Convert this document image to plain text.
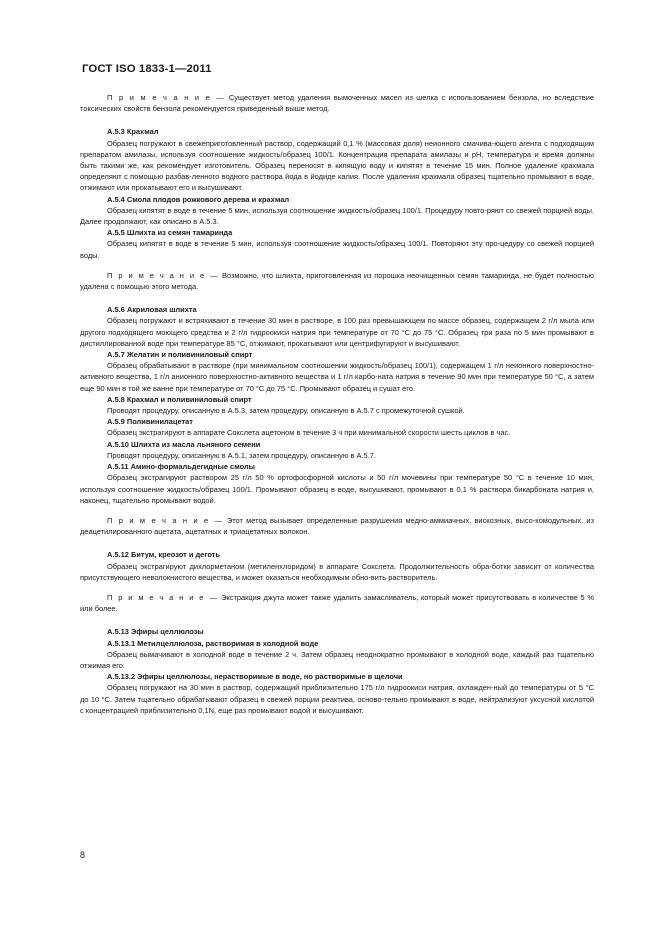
ГОСТ ISO 1833-1—2011

П р и м е ч а н и е — Существует метод удаления вымоченных масел из шелка с использованием бензола, но вследствие токсических свойств бензола рекомендуется приведенный выше метод.

А.5.3 Крахмал

Образец погружают в свежеприготовленный раствор, содержащий 0,1 % (массовая доля) неионного смачива-ющего агента с подходящим препаратом амилазы, используя соотношение жидкость/образец 100/1. Концентрация препарата амилазы и рН, температура и время должны быть такими же, как рекомендует изготовитель. Образец переносят в кипящую воду и кипятят в течение 15 мин. Полное удаление крахмала определяют с помощью разбав-ленного водного раствора йода в йодиде калия. После удаления крахмала образец тщательно промывают в воде, отжимают или прокатывают его и высушивают.

А.5.4 Смола плодов рожкового дерева и крахмал

Образец кипятят в воде в течение 5 мин, используя соотношение жидкость/образец 100/1. Процедуру повто-ряют со свежей порцией воды. Далее продолжают, как описано в А.5.3.

А.5.5 Шлихта из семян тамаринда

Образец кипятят в воде в течение 5 мин, используя соотношение жидкость/образец 100/1. Повторяют эту про-цедуру со свежей порцией воды.

П р и м е ч а н и е — Возможно, что шлихта, приготовленная из порошка неочищенных семян тамаринда, не будет полностью удалена с помощью этого метода.

А.5.6 Акриловая шлихта

Образец погружают и встряхивают в течение 30 мин в растворе, в 100 раз превышающем по массе образец, содержащем 2 г/л мыла или другого подходящего моющего средства и 2 г/л гидроокиси натрия при температуре от 70 °С до 75 °С. Образец три раза по 5 мин промывают в дистиллированной воде при температуре 85 °С, отжимают, прокатывают или центрифугируют и высушивают.

А.5.7 Желатин и поливиниловый спирт

Образец обрабатывают в растворе (при минимальном соотношении жидкость/образец 100/1), содержащем 1 г/л неионного поверхностно-активного вещества, 1 г/л анионного поверхностно-активного вещества и 1 г/л карбо-ната натрия в течение 90 мин при температуре 50 °С, а затем еще 90 мин в той же ванне при температуре от 70 °С до 75 °С. Промывают образец и сушат его.

А.5.8 Крахмал и поливиниловый спирт

Проводят процедуру, описанную в А.5.3, затем процедуру, описанную в А.5.7 с промежуточной сушкой.

А.5.9 Поливинилацетат

Образец экстрагируют в аппарате Сокслета ацетоном в течение 3 ч при минимальной скорости шесть циклов в час.

А.5.10 Шлихта из масла льняного семени

Проводят процедуру, описанную в А.5.1, затем процедуру, описанную в А.5.7.

А.5.11 Амино-формальдегидные смолы

Образец экстрагируют раствором 25 г/л 50 % ортофосфорной кислоты и 50 г/л мочевины при температуре 50 °С в течение 10 мин, используя соотношение жидкость/образец 100/1. Промывают образец в воде, высушивают, промывают в 0,1 % раствора бикарбоната натрия и, наконец, тщательно промывают водой.

П р и м е ч а н и е — Этот метод вызывает определенные разрушения медно-аммиачных, вискозных, высо-комодульных, из деацетилированного ацетата, ацетатных и триацетатных волокон.

А.5.12 Битум, креозот и деготь

Образец экстрагируют дихлорметаном (метиленхлоридом) в аппарате Сокслета. Продолжительность обра-ботки зависит от количества присутствующего неволокнистого вещества, и может оказаться необходимым обно-вить растворитель.

П р и м е ч а н и е — Экстракция джута может также удалить замасливатель, который может присутствовать в количестве 5 % или более.

А.5.13 Эфиры целлюлозы
А.5.13.1 Метилцеллюлоза, растворимая в холодной воде

Образец вымачивают в холодной воде в течение 2 ч. Затем образец неоднократно промывают в холодной воде, каждый раз тщательно отжимая его.

А.5.13.2 Эфиры целлюлозы, нерастворимые в воде, но растворимые в щелочи

Образец погружают на 30 мин в раствор, содержащий приблизительно 175 г/л гидроокиси натрия, охлажден-ный до температуры от 5 °С до 10 °С. Затем тщательно обрабатывают образец в свежей порции реактива, осново-тельно промывают в воде, нейтрализуют уксусной кислотой с концентрацией приблизительно 0,1N, еще раз промывают водой и высушивают.

8
